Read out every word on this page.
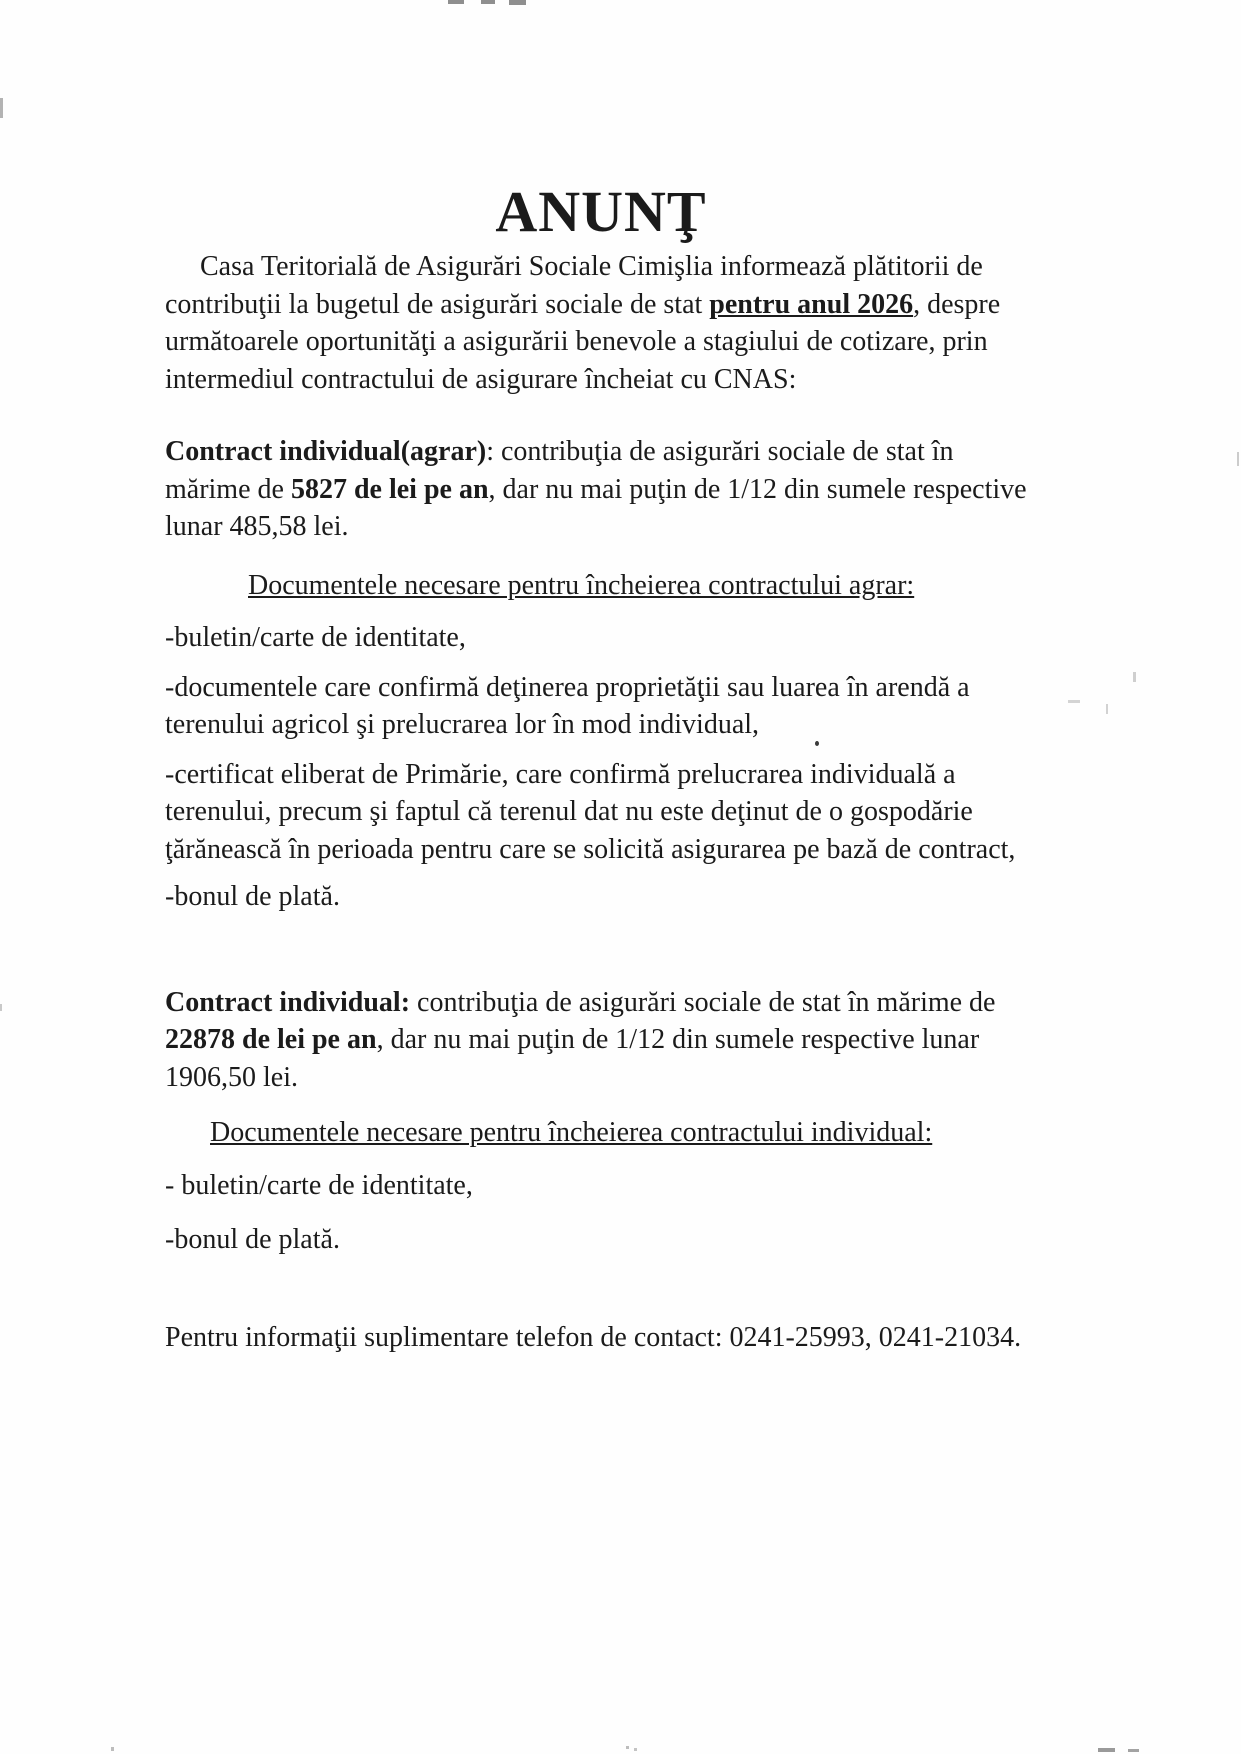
ANUNŢ

Casa Teritorială de Asigurări Sociale Cimişlia informează plătitorii de contribuţii la bugetul de asigurări sociale de stat pentru anul 2026, despre următoarele oportunităţi a asigurării benevole a stagiului de cotizare, prin intermediul contractului de asigurare încheiat cu CNAS:

Contract individual(agrar): contribuţia de asigurări sociale de stat în mărime de 5827 de lei pe an, dar nu mai puţin de 1/12 din sumele respective lunar 485,58 lei.

Documentele necesare pentru încheierea contractului agrar:

-buletin/carte de identitate,

-documentele care confirmă deţinerea proprietăţii sau luarea în arendă a terenului agricol şi prelucrarea lor în mod individual,

-certificat eliberat de Primărie, care confirmă prelucrarea individuală a terenului, precum şi faptul că terenul dat nu este deţinut de o gospodărie ţărănească în perioada pentru care se solicită asigurarea pe bază de contract,

-bonul de plată.

Contract individual: contribuţia de asigurări sociale de stat în mărime de 22878 de lei pe an, dar nu mai puţin de 1/12 din sumele respective lunar 1906,50 lei.

Documentele necesare pentru încheierea contractului individual:

- buletin/carte de identitate,

-bonul de plată.

Pentru informaţii suplimentare telefon de contact: 0241-25993, 0241-21034.
